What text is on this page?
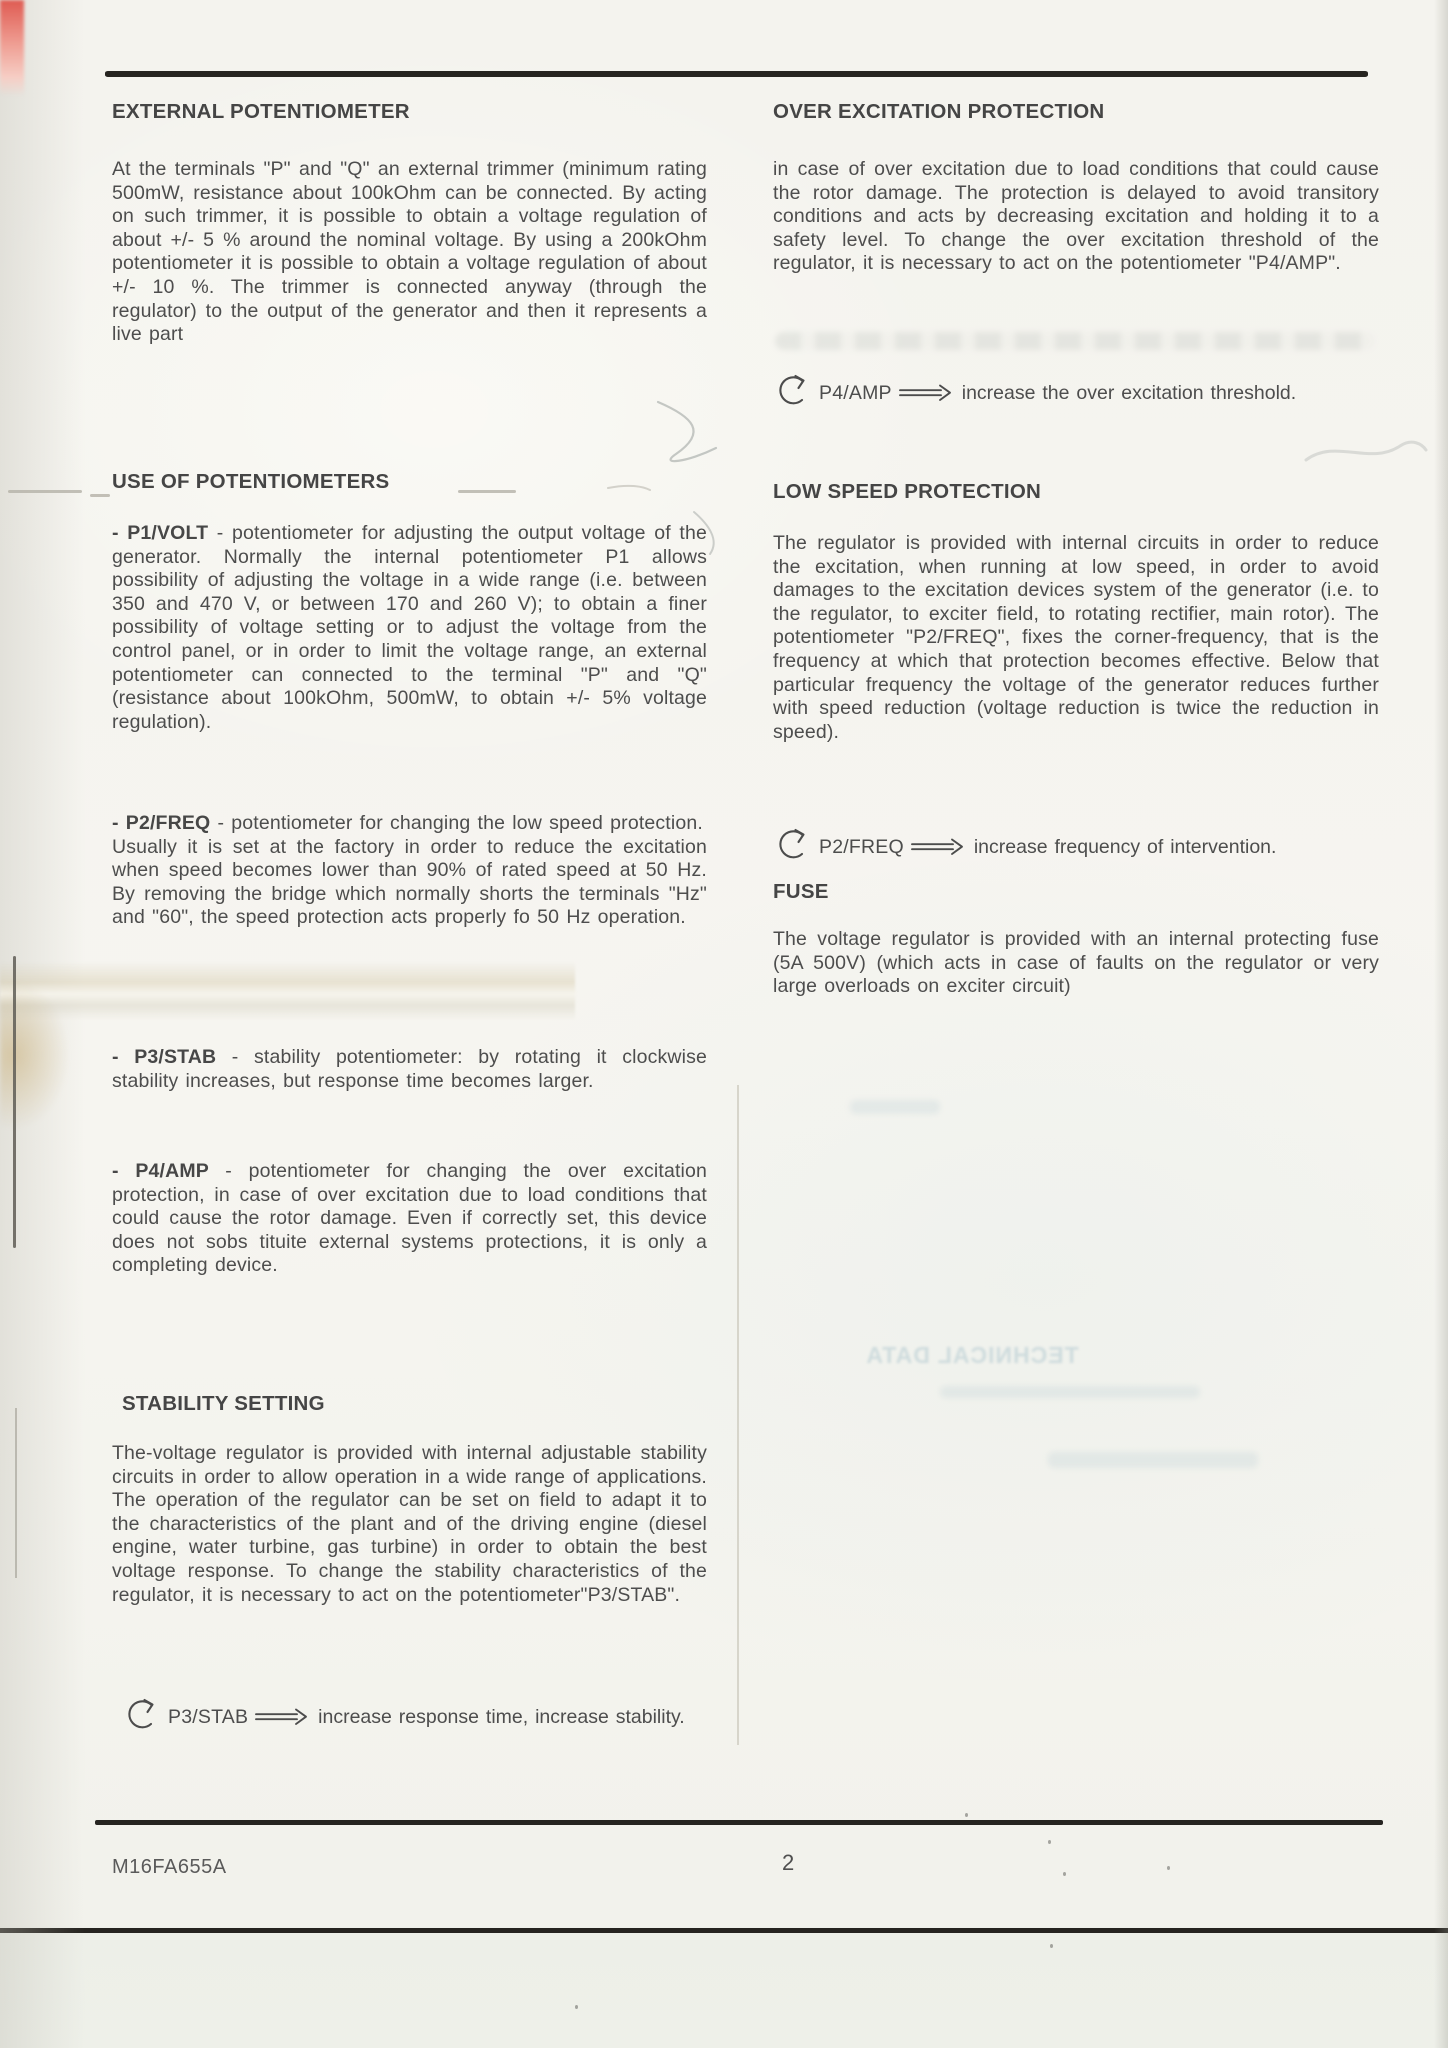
EXTERNAL POTENTIOMETER
At the terminals "P" and "Q" an external trimmer (minimum rating 500mW, resistance about 100kOhm can be connected. By acting on such trimmer, it is possible to obtain a voltage regulation of about +/- 5 % around the nominal voltage. By using a 200kOhm potentiometer it is possible to obtain a voltage regulation of about +/- 10 %. The trimmer is connected anyway (through the regulator) to the output of the generator and then it represents a live part
USE OF POTENTIOMETERS
- P1/VOLT - potentiometer for adjusting the output voltage of the generator. Normally the internal potentiometer P1 allows possibility of adjusting the voltage in a wide range (i.e. between 350 and 470 V, or between 170 and 260 V); to obtain a finer possibility of voltage setting or to adjust the voltage from the control panel, or in order to limit the voltage range, an external potentiometer can connected to the terminal "P" and "Q" (resistance about 100kOhm, 500mW, to obtain +/- 5% voltage regulation).
- P2/FREQ - potentiometer for changing the low speed protection.
Usually it is set at the factory in order to reduce the excitation when speed becomes lower than 90% of rated speed at 50 Hz. By removing the bridge which normally shorts the terminals "Hz" and "60", the speed protection acts properly fo 50 Hz operation.
- P3/STAB - stability potentiometer: by rotating it clockwise stability increases, but response time becomes larger.
- P4/AMP - potentiometer for changing the over excitation protection, in case of over excitation due to load conditions that could cause the rotor damage. Even if correctly set, this device does not sobs tituite external systems protections, it is only a completing device.
STABILITY SETTING
The-voltage regulator is provided with internal adjustable stability circuits in order to allow operation in a wide range of applications. The operation of the regulator can be set on field to adapt it to the characteristics of the plant and of the driving engine (diesel engine, water turbine, gas turbine) in order to obtain the best voltage response. To change the stability characteristics of the regulator, it is necessary to act on the potentiometer"P3/STAB".
P3/STAB	increase response time, increase stability.
OVER EXCITATION PROTECTION
in case of over excitation due to load conditions that could cause the rotor damage. The protection is delayed to avoid transitory conditions and acts by decreasing excitation and holding it to a safety level. To change the over excitation threshold of the regulator, it is necessary to act on the potentiometer "P4/AMP".
P4/AMP	increase the over excitation threshold.
LOW SPEED PROTECTION
The regulator is provided with internal circuits in order to reduce the excitation, when running at low speed, in order to avoid damages to the excitation devices system of the generator (i.e. to the regulator, to exciter field, to rotating rectifier, main rotor). The potentiometer "P2/FREQ", fixes the corner-frequency, that is the frequency at which that protection becomes effective. Below that particular frequency the voltage of the generator reduces further with speed reduction (voltage reduction is twice the reduction in speed).
P2/FREQ	increase frequency of intervention.
FUSE
The voltage regulator is provided with an internal protecting fuse (5A 500V) (which acts in case of faults on the regulator or very large overloads on exciter circuit)
M16FA655A	2
TECHNICAL DATA
